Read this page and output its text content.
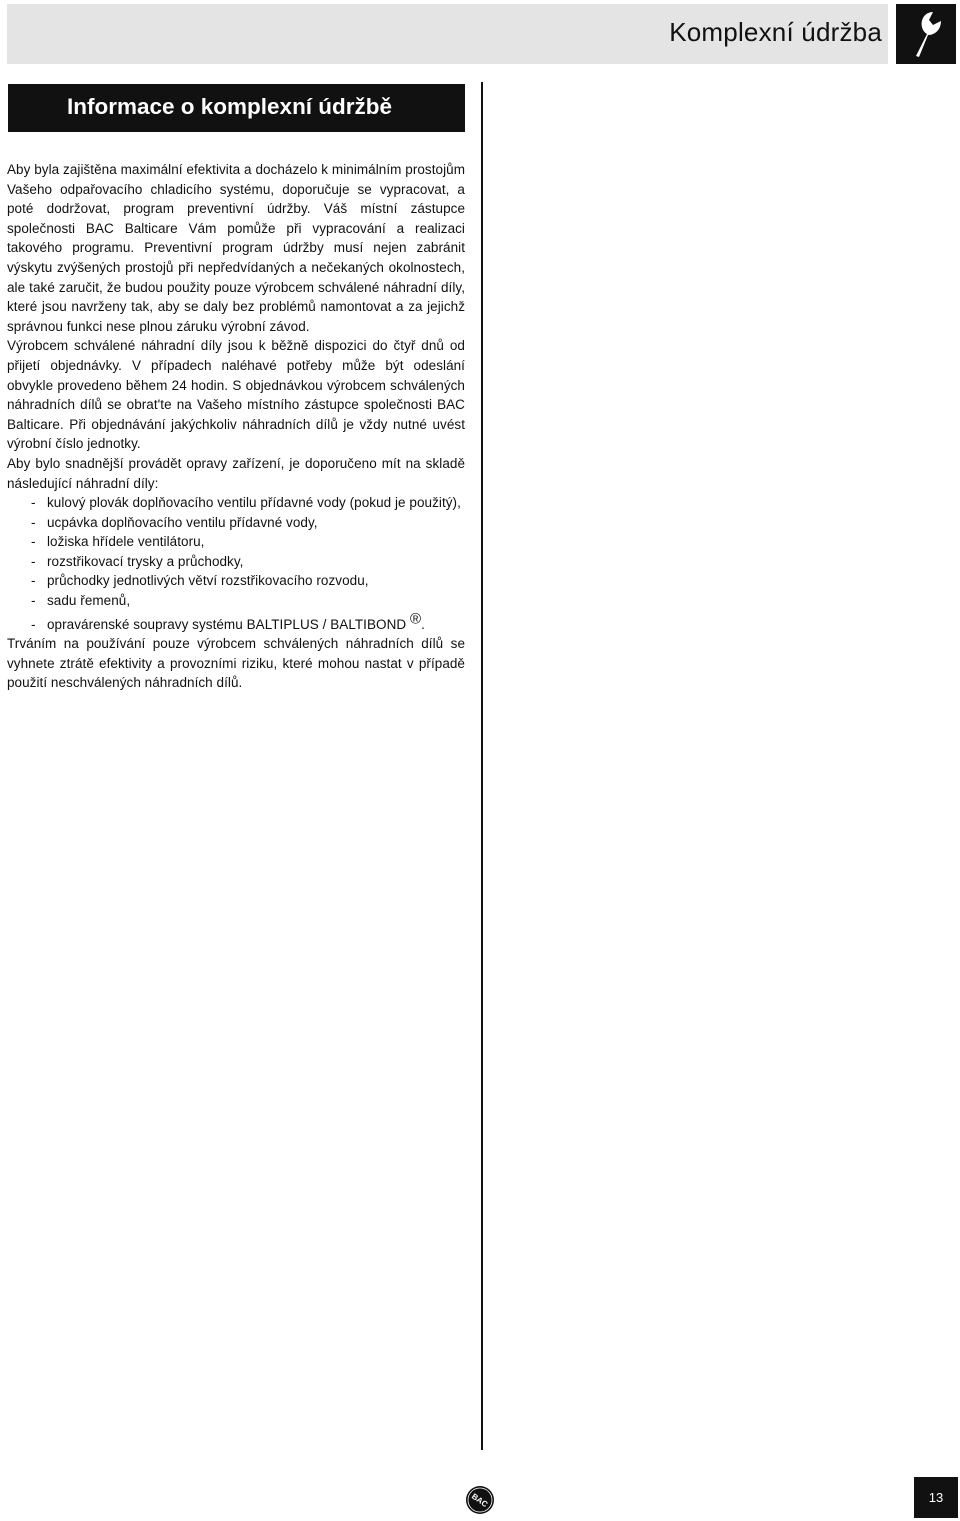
Komplexní údržba
Informace o komplexní údržbě

Aby byla zajištěna maximální efektivita a docházelo k minimálním prostojům Vašeho odpařovacího chladicího systému, doporučuje se vypracovat, a poté dodržovat, program preventivní údržby. Váš místní zástupce společnosti BAC Balticare Vám pomůže při vypracování a realizaci takového programu. Preventivní program údržby musí nejen zabránit výskytu zvýšených prostojů při nepředvídaných a nečekaných okolnostech, ale také zaručit, že budou použity pouze výrobcem schválené náhradní díly, které jsou navrženy tak, aby se daly bez problémů namontovat a za jejichž správnou funkci nese plnou záruku výrobní závod.

Výrobcem schválené náhradní díly jsou k běžně dispozici do čtyř dnů od přijetí objednávky. V případech naléhavé potřeby může být odeslání obvykle provedeno během 24 hodin. S objednávkou výrobcem schválených náhradních dílů se obrat'te na Vašeho místního zástupce společnosti BAC Balticare. Při objednávání jakýchkoliv náhradních dílů je vždy nutné uvést výrobní číslo jednotky.

Aby bylo snadnější provádět opravy zařízení, je doporučeno mít na skladě následující náhradní díly:

- kulový plovák doplňovacího ventilu přídavné vody (pokud je použitý),
- ucpávka doplňovacího ventilu přídavné vody,
- ložiska hřídele ventilátoru,
- rozstřikovací trysky a průchodky,
- průchodky jednotlivých větví rozstřikovacího rozvodu,
- sadu řemenů,
- opravárenské soupravy systému BALTIPLUS / BALTIBOND ®.

Trváním na používání pouze výrobcem schválených náhradních dílů se vyhnete ztrátě efektivity a provozními riziku, které mohou nastat v případě použití neschválených náhradních dílů.

BAC	13
